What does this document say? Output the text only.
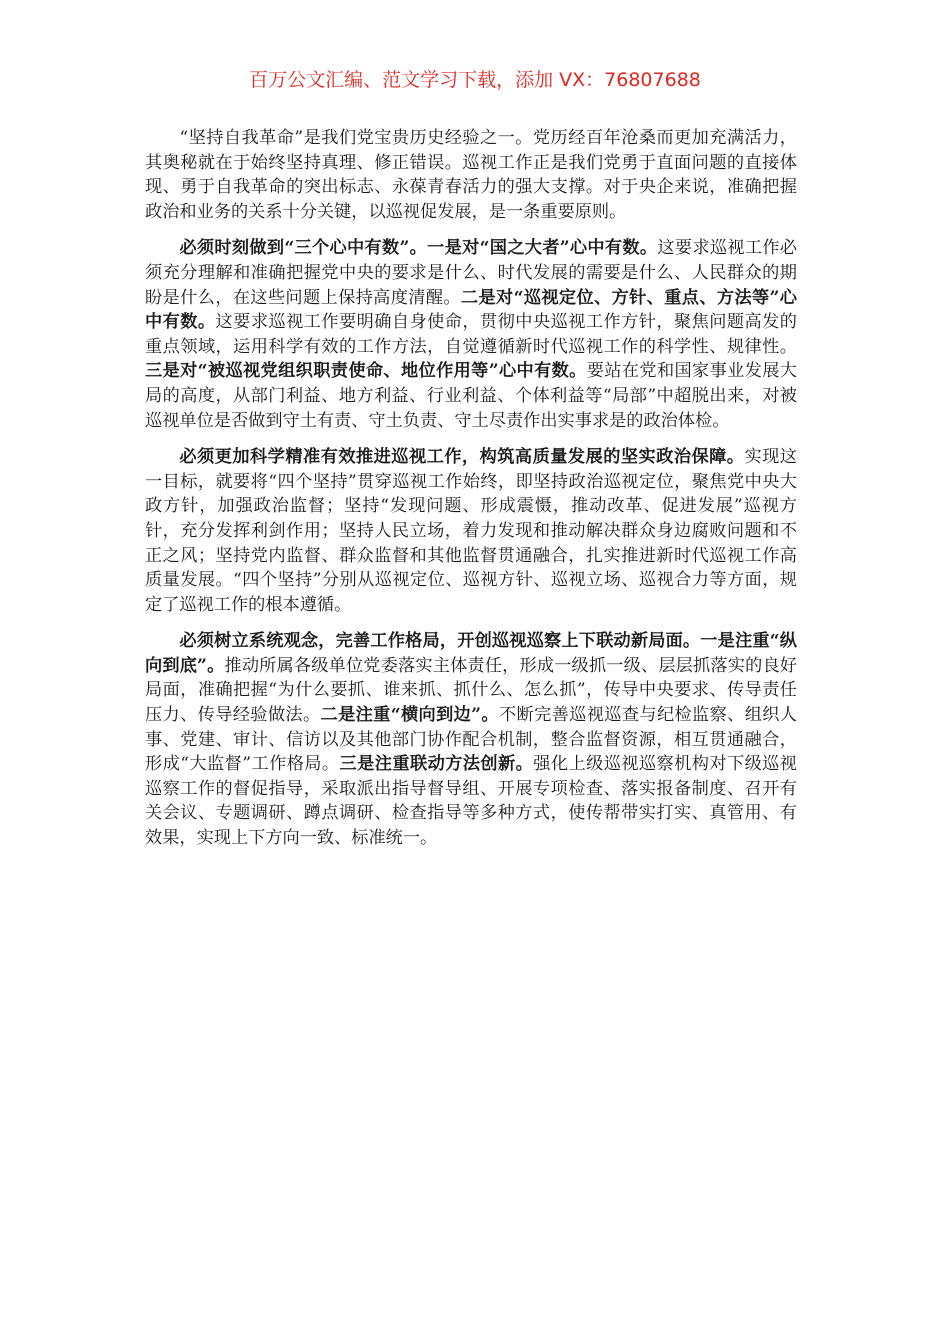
百万公文汇编、范文学习下载，添加 VX：76807688

“坚持自我革命”是我们党宝贵历史经验之一。党历经百年沧桑而更加充满活力，其奥秘就在于始终坚持真理、修正错误。巡视工作正是我们党勇于直面问题的直接体现、勇于自我革命的突出标志、永葆青春活力的强大支撑。对于央企来说，准确把握政治和业务的关系十分关键，以巡视促发展，是一条重要原则。

必须时刻做到“三个心中有数”。一是对“国之大者”心中有数。这要求巡视工作必须充分理解和准确把握党中央的要求是什么、时代发展的需要是什么、人民群众的期盼是什么，在这些问题上保持高度清醒。二是对“巡视定位、方针、重点、方法等”心中有数。这要求巡视工作要明确自身使命，贯彻中央巡视工作方针，聚焦问题高发的重点领域，运用科学有效的工作方法，自觉遵循新时代巡视工作的科学性、规律性。三是对“被巡视党组织职责使命、地位作用等”心中有数。要站在党和国家事业发展大局的高度，从部门利益、地方利益、行业利益、个体利益等“局部”中超脱出来，对被巡视单位是否做到守土有责、守土负责、守土尽责作出实事求是的政治体检。

必须更加科学精准有效推进巡视工作，构筑高质量发展的坚实政治保障。实现这一目标，就要将“四个坚持”贯穿巡视工作始终，即坚持政治巡视定位，聚焦党中央大政方针，加强政治监督；坚持“发现问题、形成震慑，推动改革、促进发展”巡视方针，充分发挥利剑作用；坚持人民立场，着力发现和推动解决群众身边腐败问题和不正之风；坚持党内监督、群众监督和其他监督贯通融合，扎实推进新时代巡视工作高质量发展。“四个坚持”分别从巡视定位、巡视方针、巡视立场、巡视合力等方面，规定了巡视工作的根本遵循。

必须树立系统观念，完善工作格局，开创巡视巡察上下联动新局面。一是注重“纵向到底”。推动所属各级单位党委落实主体责任，形成一级抓一级、层层抓落实的良好局面，准确把握“为什么要抓、谁来抓、抓什么、怎么抓”，传导中央要求、传导责任压力、传导经验做法。二是注重“横向到边”。不断完善巡视巡查与纪检监察、组织人事、党建、审计、信访以及其他部门协作配合机制，整合监督资源，相互贯通融合，形成“大监督”工作格局。三是注重联动方法创新。强化上级巡视巡察机构对下级巡视巡察工作的督促指导，采取派出指导督导组、开展专项检查、落实报备制度、召开有关会议、专题调研、蹲点调研、检查指导等多种方式，使传帮带实打实、真管用、有效果，实现上下方向一致、标准统一。
